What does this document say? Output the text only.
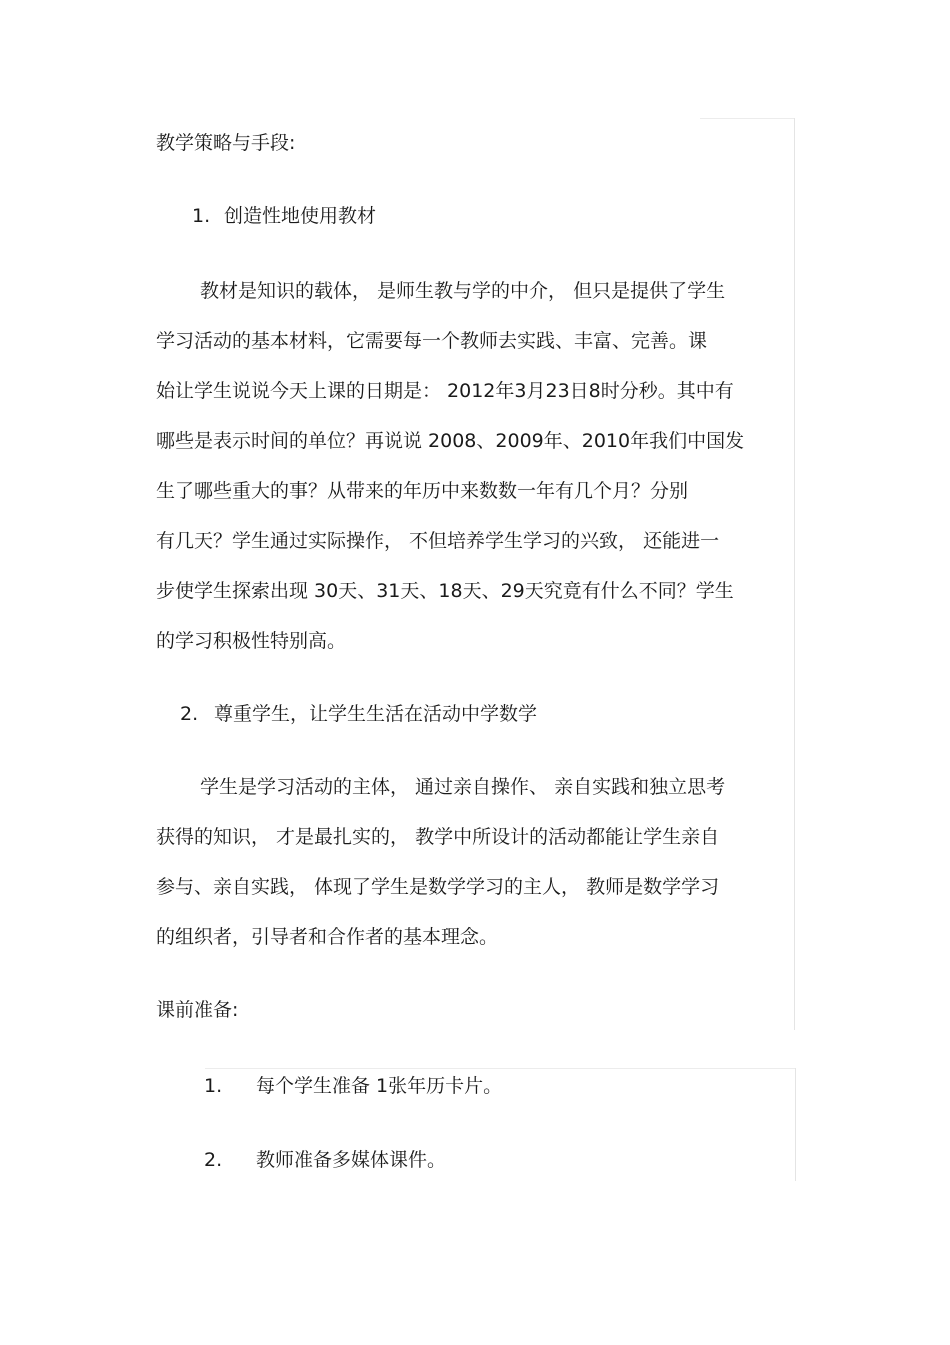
教学策略与手段:
1. 创造性地使用教材
教材是知识的载体， 是师生教与学的中介， 但只是提供了学生
学习活动的基本材料，它需要每一个教师去实践、丰富、完善。课
始让学生说说今天上课的日期是： 2012年3月23日8时分秒。其中有
哪些是表示时间的单位？再说说 2008、2009年、2010年我们中国发
生了哪些重大的事？从带来的年历中来数数一年有几个月？分别
有几天？学生通过实际操作， 不但培养学生学习的兴致， 还能进一
步使学生探索出现 30天、31天、18天、29天究竟有什么不同？学生
的学习积极性特别高。
2. 尊重学生，让学生生活在活动中学数学
学生是学习活动的主体， 通过亲自操作、 亲自实践和独立思考
获得的知识， 才是最扎实的， 教学中所设计的活动都能让学生亲自
参与、亲自实践， 体现了学生是数学学习的主人， 教师是数学学习
的组织者，引导者和合作者的基本理念。
课前准备:
1. 每个学生准备 1张年历卡片。
2. 教师准备多媒体课件。
